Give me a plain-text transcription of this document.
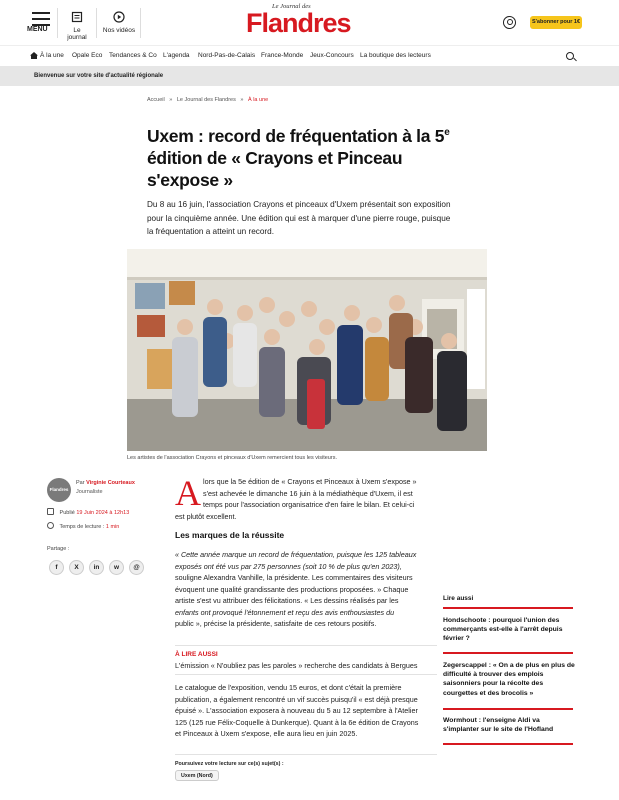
MENU	Le journal
Nos vidéos
Le Journal des
Flandres	S'abonner pour 1€
À la une Opale Eco Tendances & Co L'agenda Nord-Pas-de-Calais France-Monde Jeux-Concours La boutique des lecteurs
Bienvenue sur votre site d'actualité régionale
Accueil » Le Journal des Flandres » À la une
Uxem : record de fréquentation à la 5e édition de « Crayons et Pinceau s'expose »

Du 8 au 16 juin, l'association Crayons et pinceaux d'Uxem présentait son exposition pour la cinquième année. Une édition qui est à marquer d'une pierre rouge, puisque la fréquentation a atteint un record.

Les artistes de l'association Crayons et pinceaux d'Uxem remercient tous les visiteurs.
Flandres
Par Virginie Courteaux
Journaliste
Publié 19 Juin 2024 à 12h13
Temps de lecture : 1 min
Partage :
f	X	in	w	@
A lors que la 5e édition de « Crayons et Pinceaux à Uxem s'expose »
s'est achevée le dimanche 16 juin à la médiathèque d'Uxem, il est
temps pour l'association organisatrice d'en faire le bilan. Et celui-ci
est plutôt excellent.
Les marques de la réussite
« Cette année marque un record de fréquentation, puisque les 125 tableaux
exposés ont été vus par 275 personnes (soit 10 % de plus qu'en 2023),
souligne Alexandra Vanhille, la présidente. Les commentaires des visiteurs
évoquent une qualité grandissante des productions proposées. » Chaque
artiste s'est vu attribuer des félicitations. « Les dessins réalisés par les
enfants ont provoqué l'étonnement et reçu des avis enthousiastes du
public », précise la présidente, satisfaite de ces retours positifs.
À LIRE AUSSI
L'émission « N'oubliez pas les paroles » recherche des candidats à Bergues
Le catalogue de l'exposition, vendu 15 euros, et dont c'était la première
publication, a également rencontré un vif succès puisqu'il « est déjà presque
épuisé ». L'association exposera à nouveau du 5 au 12 septembre à l'Atelier
125 (125 rue Félix-Coquelle à Dunkerque). Quant à la 6e édition de Crayons
et Pinceaux à Uxem s'expose, elle aura lieu en juin 2025.
Poursuivez votre lecture sur ce(s) sujet(s) :
Uxem (Nord)
Lire aussi
Hondschoote : pourquoi l'union des commerçants est-elle à l'arrêt depuis février ?
Zegerscappel : « On a de plus en plus de difficulté à trouver des emplois saisonniers pour la récolte des courgettes et des brocolis »
Wormhout : l'enseigne Aldi va s'implanter sur le site de l'Hofland
